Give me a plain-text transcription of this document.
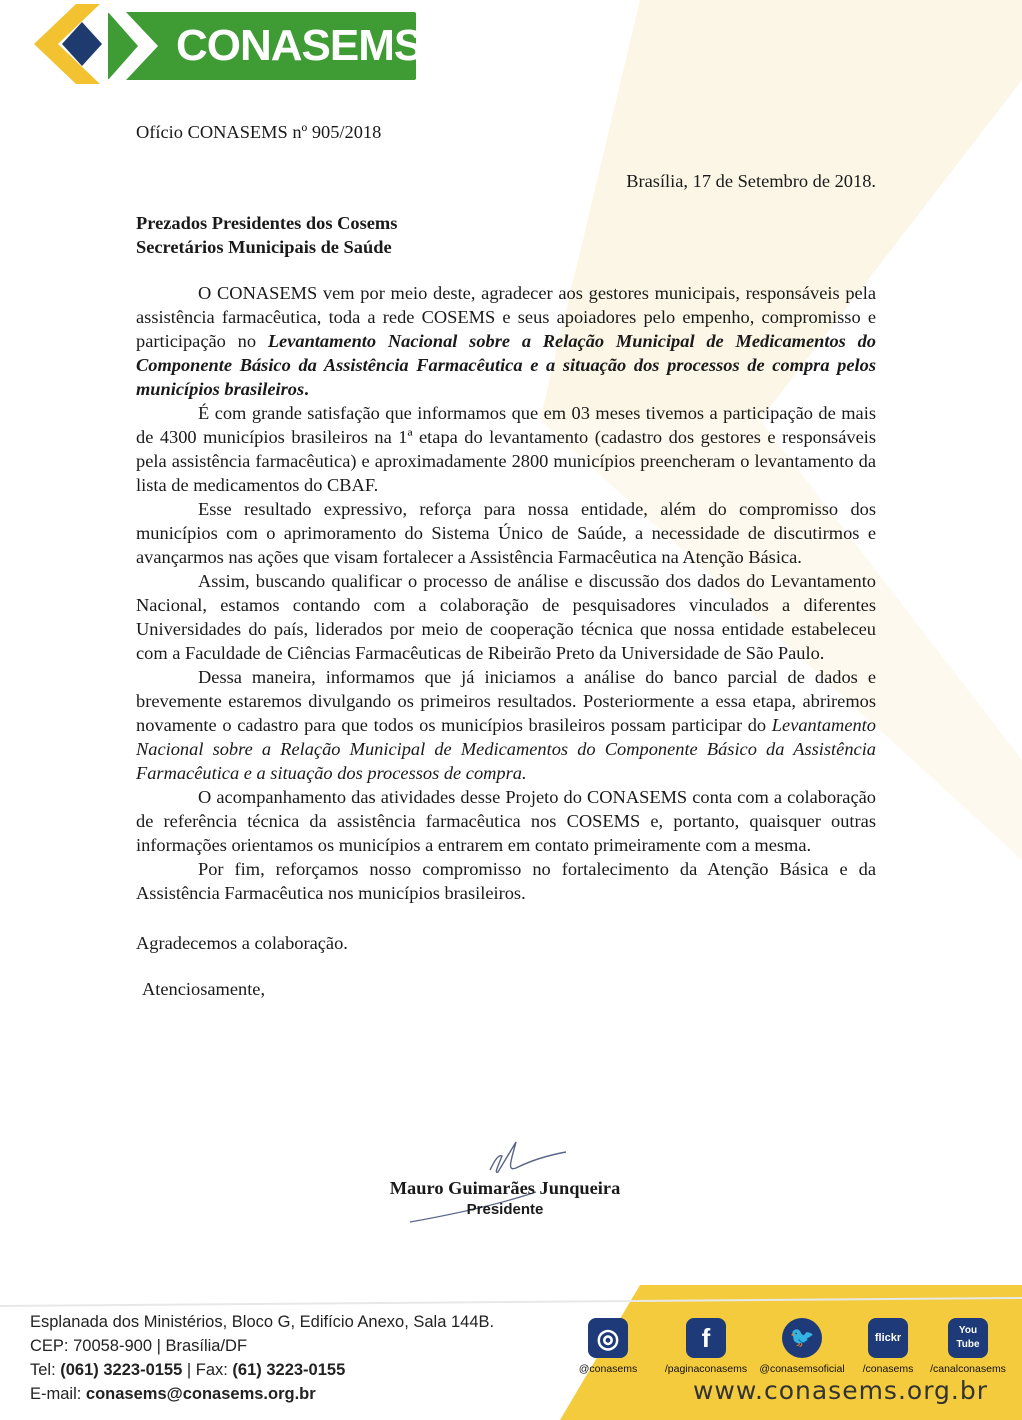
CONASEMS

Ofício CONASEMS nº 905/2018

Brasília, 17 de Setembro de 2018.

Prezados Presidentes dos Cosems
Secretários Municipais de Saúde

O CONASEMS vem por meio deste, agradecer aos gestores municipais, responsáveis pela assistência farmacêutica, toda a rede COSEMS e seus apoiadores pelo empenho, compromisso e participação no Levantamento Nacional sobre a Relação Municipal de Medicamentos do Componente Básico da Assistência Farmacêutica e a situação dos processos de compra pelos municípios brasileiros.

É com grande satisfação que informamos que em 03 meses tivemos a participação de mais de 4300 municípios brasileiros na 1ª etapa do levantamento (cadastro dos gestores e responsáveis pela assistência farmacêutica) e aproximadamente 2800 municípios preencheram o levantamento da lista de medicamentos do CBAF.

Esse resultado expressivo, reforça para nossa entidade, além do compromisso dos municípios com o aprimoramento do Sistema Único de Saúde, a necessidade de discutirmos e avançarmos nas ações que visam fortalecer a Assistência Farmacêutica na Atenção Básica.

Assim, buscando qualificar o processo de análise e discussão dos dados do Levantamento Nacional, estamos contando com a colaboração de pesquisadores vinculados a diferentes Universidades do país, liderados por meio de cooperação técnica que nossa entidade estabeleceu com a Faculdade de Ciências Farmacêuticas de Ribeirão Preto da Universidade de São Paulo.

Dessa maneira, informamos que já iniciamos a análise do banco parcial de dados e brevemente estaremos divulgando os primeiros resultados. Posteriormente a essa etapa, abriremos novamente o cadastro para que todos os municípios brasileiros possam participar do Levantamento Nacional sobre a Relação Municipal de Medicamentos do Componente Básico da Assistência Farmacêutica e a situação dos processos de compra.

O acompanhamento das atividades desse Projeto do CONASEMS conta com a colaboração de referência técnica da assistência farmacêutica nos COSEMS e, portanto, quaisquer outras informações orientamos os municípios a entrarem em contato primeiramente com a mesma.

Por fim, reforçamos nosso compromisso no fortalecimento da Atenção Básica e da Assistência Farmacêutica nos municípios brasileiros.

Agradecemos a colaboração.

Atenciosamente,

Mauro Guimarães Junqueira
Presidente
Esplanada dos Ministérios, Bloco G, Edifício Anexo, Sala 144B.
CEP: 70058-900 | Brasília/DF
Tel: (061) 3223-0155 | Fax: (61) 3223-0155
E-mail: conasems@conasems.org.br
◎
@conasems
f
/paginaconasems
🐦
@conasemsoficial
flickr
/conasems
You Tube
/canalconasems
www.conasems.org.br
